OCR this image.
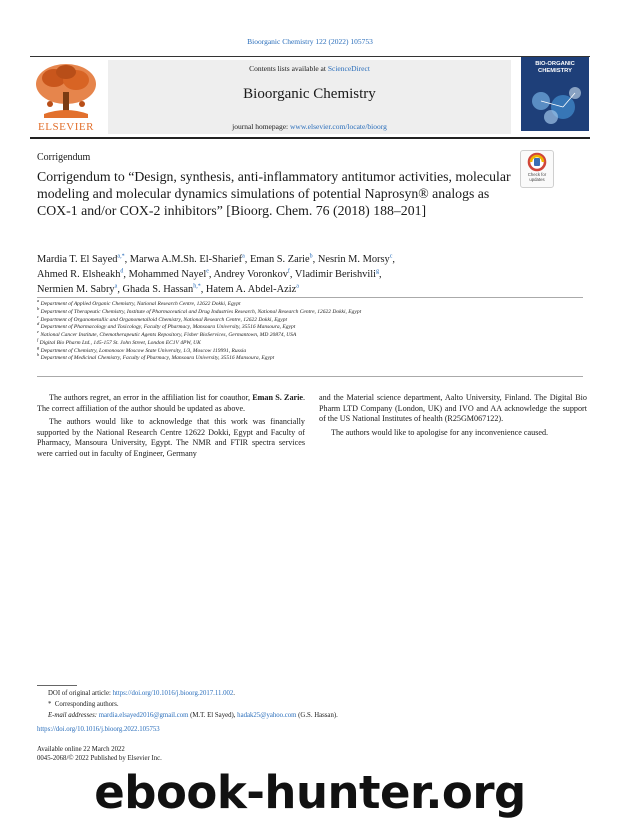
Bioorganic Chemistry 122 (2022) 105753
ELSEVIER
Contents lists available at ScienceDirect
Bioorganic Chemistry
journal homepage: www.elsevier.com/locate/bioorg
BIO-ORGANIC
CHEMISTRY
Corrigendum
Check for
updates
Corrigendum to “Design, synthesis, anti-inflammatory antitumor activities, molecular modeling and molecular dynamics simulations of potential Naprosyn® analogs as COX-1 and/or COX-2 inhibitors” [Bioorg. Chem. 76 (2018) 188–201]
Mardia T. El Sayed$^{a,*}$, Marwa A.M.Sh. El-Sharief$^a$, Eman S. Zarie$^b$, Nesrin M. Morsy$^c$,
Ahmed R. Elsheakh$^d$, Mohammed Nayel$^e$, Andrey Voronkov$^f$, Vladimir Berishvili$^g$,
Nermien M. Sabry$^a$, Ghada S. Hassan$^{h,*}$, Hatem A. Abdel-Aziz$^a$
$^a$ Department of Applied Organic Chemistry, National Research Centre, 12622 Dokki, Egypt
$^b$ Department of Therapeutic Chemistry, Institute of Pharmaceutical and Drug Industries Research, National Research Centre, 12622 Dokki, Egypt
$^c$ Department of Organometallic and Organometalloid Chemistry, National Research Centre, 12622 Dokki, Egypt
$^d$ Department of Pharmacology and Toxicology, Faculty of Pharmacy, Mansoura University, 35516 Mansoura, Egypt
$^e$ National Cancer Institute, Chemotherapeutic Agents Repository, Fisher BioServices, Germantown, MD 20874, USA
$^f$ Digital Bio Pharm Ltd., 145-157 St. John Street, London EC1V 4PW, UK
$^g$ Department of Chemistry, Lomonosov Moscow State University, 1/3, Moscow 119991, Russia
$^h$ Department of Medicinal Chemistry, Faculty of Pharmacy, Mansoura University, 35516 Mansoura, Egypt

The authors regret, an error in the affiliation list for coauthor, Eman S. Zarie. The correct affiliation of the author should be updated as above.

The authors would like to acknowledge that this work was financially supported by the National Research Centre 12622 Dokki, Egypt and Faculty of Pharmacy, Mansoura University, Egypt. The NMR and FTIR spectra services were carried out in faculty of Engineer, Germany

and the Material science department, Aalto University, Finland. The Digital Bio Pharm LTD Company (London, UK) and IVO and AA acknowledge the support of the US National Institutes of health (R25GM067122).

The authors would like to apologise for any inconvenience caused.

DOI of original article: https://doi.org/10.1016/j.bioorg.2017.11.002.
* Corresponding authors.
E-mail addresses: mardia.elsayed2016@gmail.com (M.T. El Sayed), hadak25@yahoo.com (G.S. Hassan).
https://doi.org/10.1016/j.bioorg.2022.105753
Available online 22 March 2022
0045-2068/© 2022 Published by Elsevier Inc.
ebook-hunter.org
